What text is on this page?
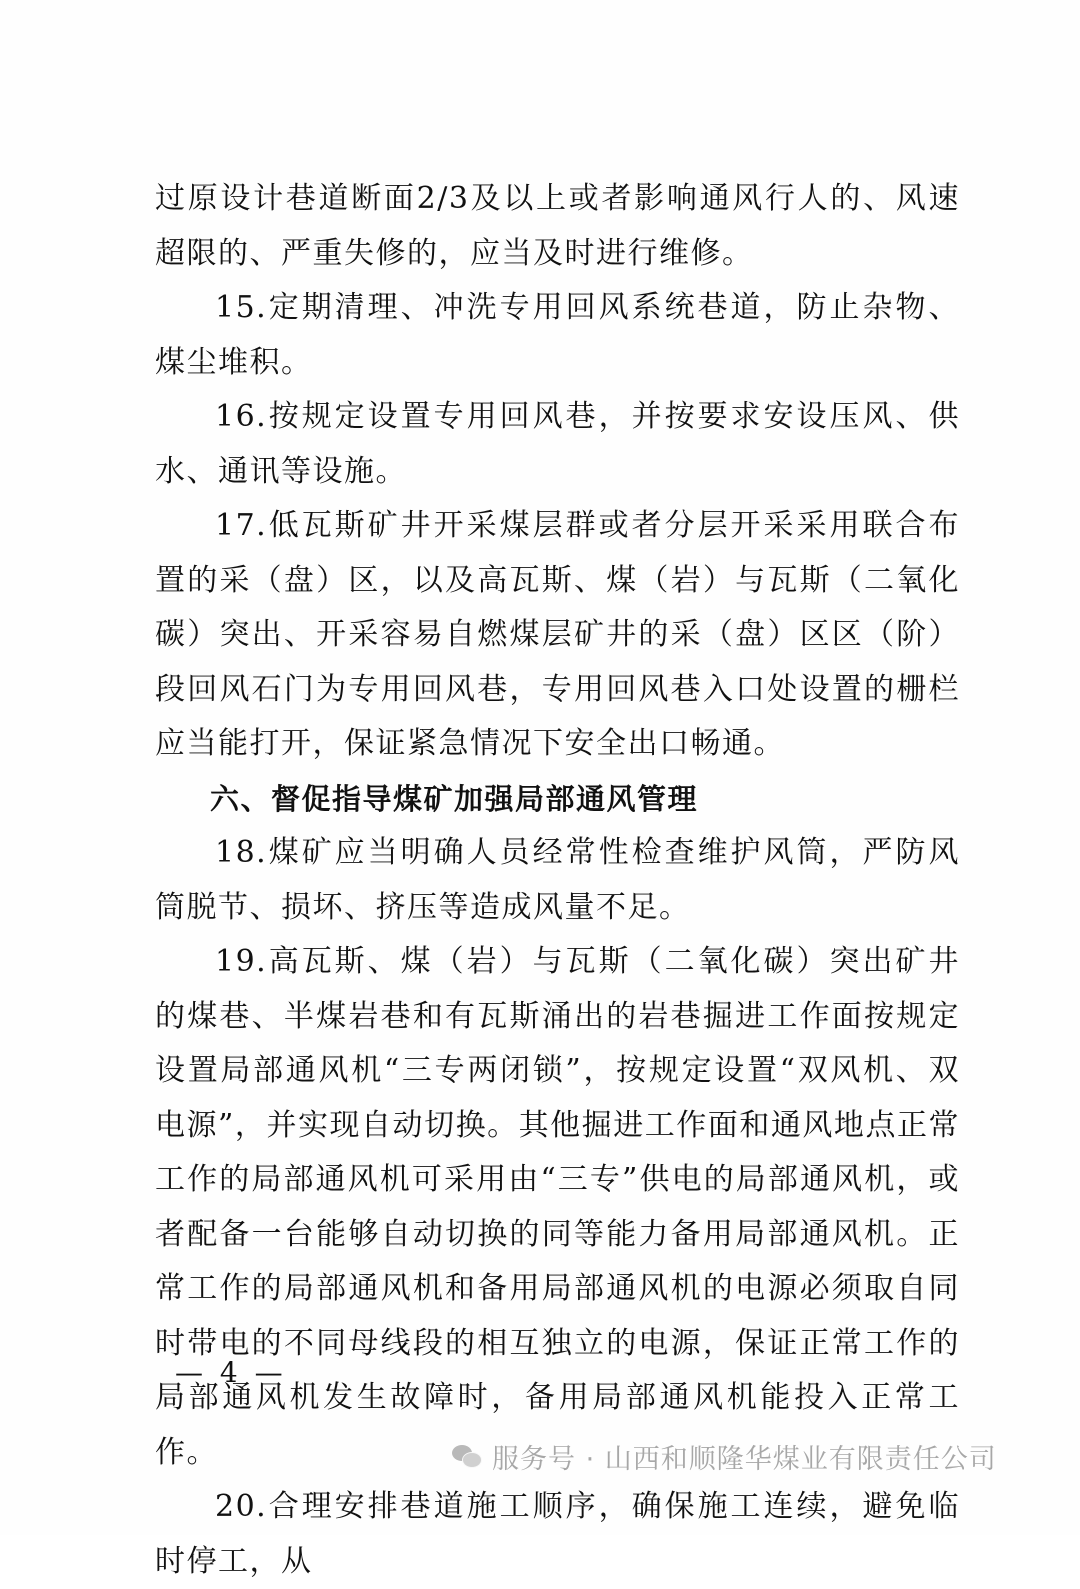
过原设计巷道断面2/3及以上或者影响通风行人的、风速超限的、严重失修的，应当及时进行维修。

15.定期清理、冲洗专用回风系统巷道，防止杂物、煤尘堆积。

16.按规定设置专用回风巷，并按要求安设压风、供水、通讯等设施。

17.低瓦斯矿井开采煤层群或者分层开采采用联合布置的采（盘）区，以及高瓦斯、煤（岩）与瓦斯（二氧化碳）突出、开采容易自燃煤层矿井的采（盘）区区（阶）段回风石门为专用回风巷，专用回风巷入口处设置的栅栏应当能打开，保证紧急情况下安全出口畅通。

六、督促指导煤矿加强局部通风管理

18.煤矿应当明确人员经常性检查维护风筒，严防风筒脱节、损坏、挤压等造成风量不足。

19.高瓦斯、煤（岩）与瓦斯（二氧化碳）突出矿井的煤巷、半煤岩巷和有瓦斯涌出的岩巷掘进工作面按规定设置局部通风机“三专两闭锁”，按规定设置“双风机、双电源”，并实现自动切换。其他掘进工作面和通风地点正常工作的局部通风机可采用由“三专”供电的局部通风机，或者配备一台能够自动切换的同等能力备用局部通风机。正常工作的局部通风机和备用局部通风机的电源必须取自同时带电的不同母线段的相互独立的电源，保证正常工作的局部通风机发生故障时，备用局部通风机能投入正常工作。

20.合理安排巷道施工顺序，确保施工连续，避免临时停工，从

— 4 —
服务号 · 山西和顺隆华煤业有限责任公司
